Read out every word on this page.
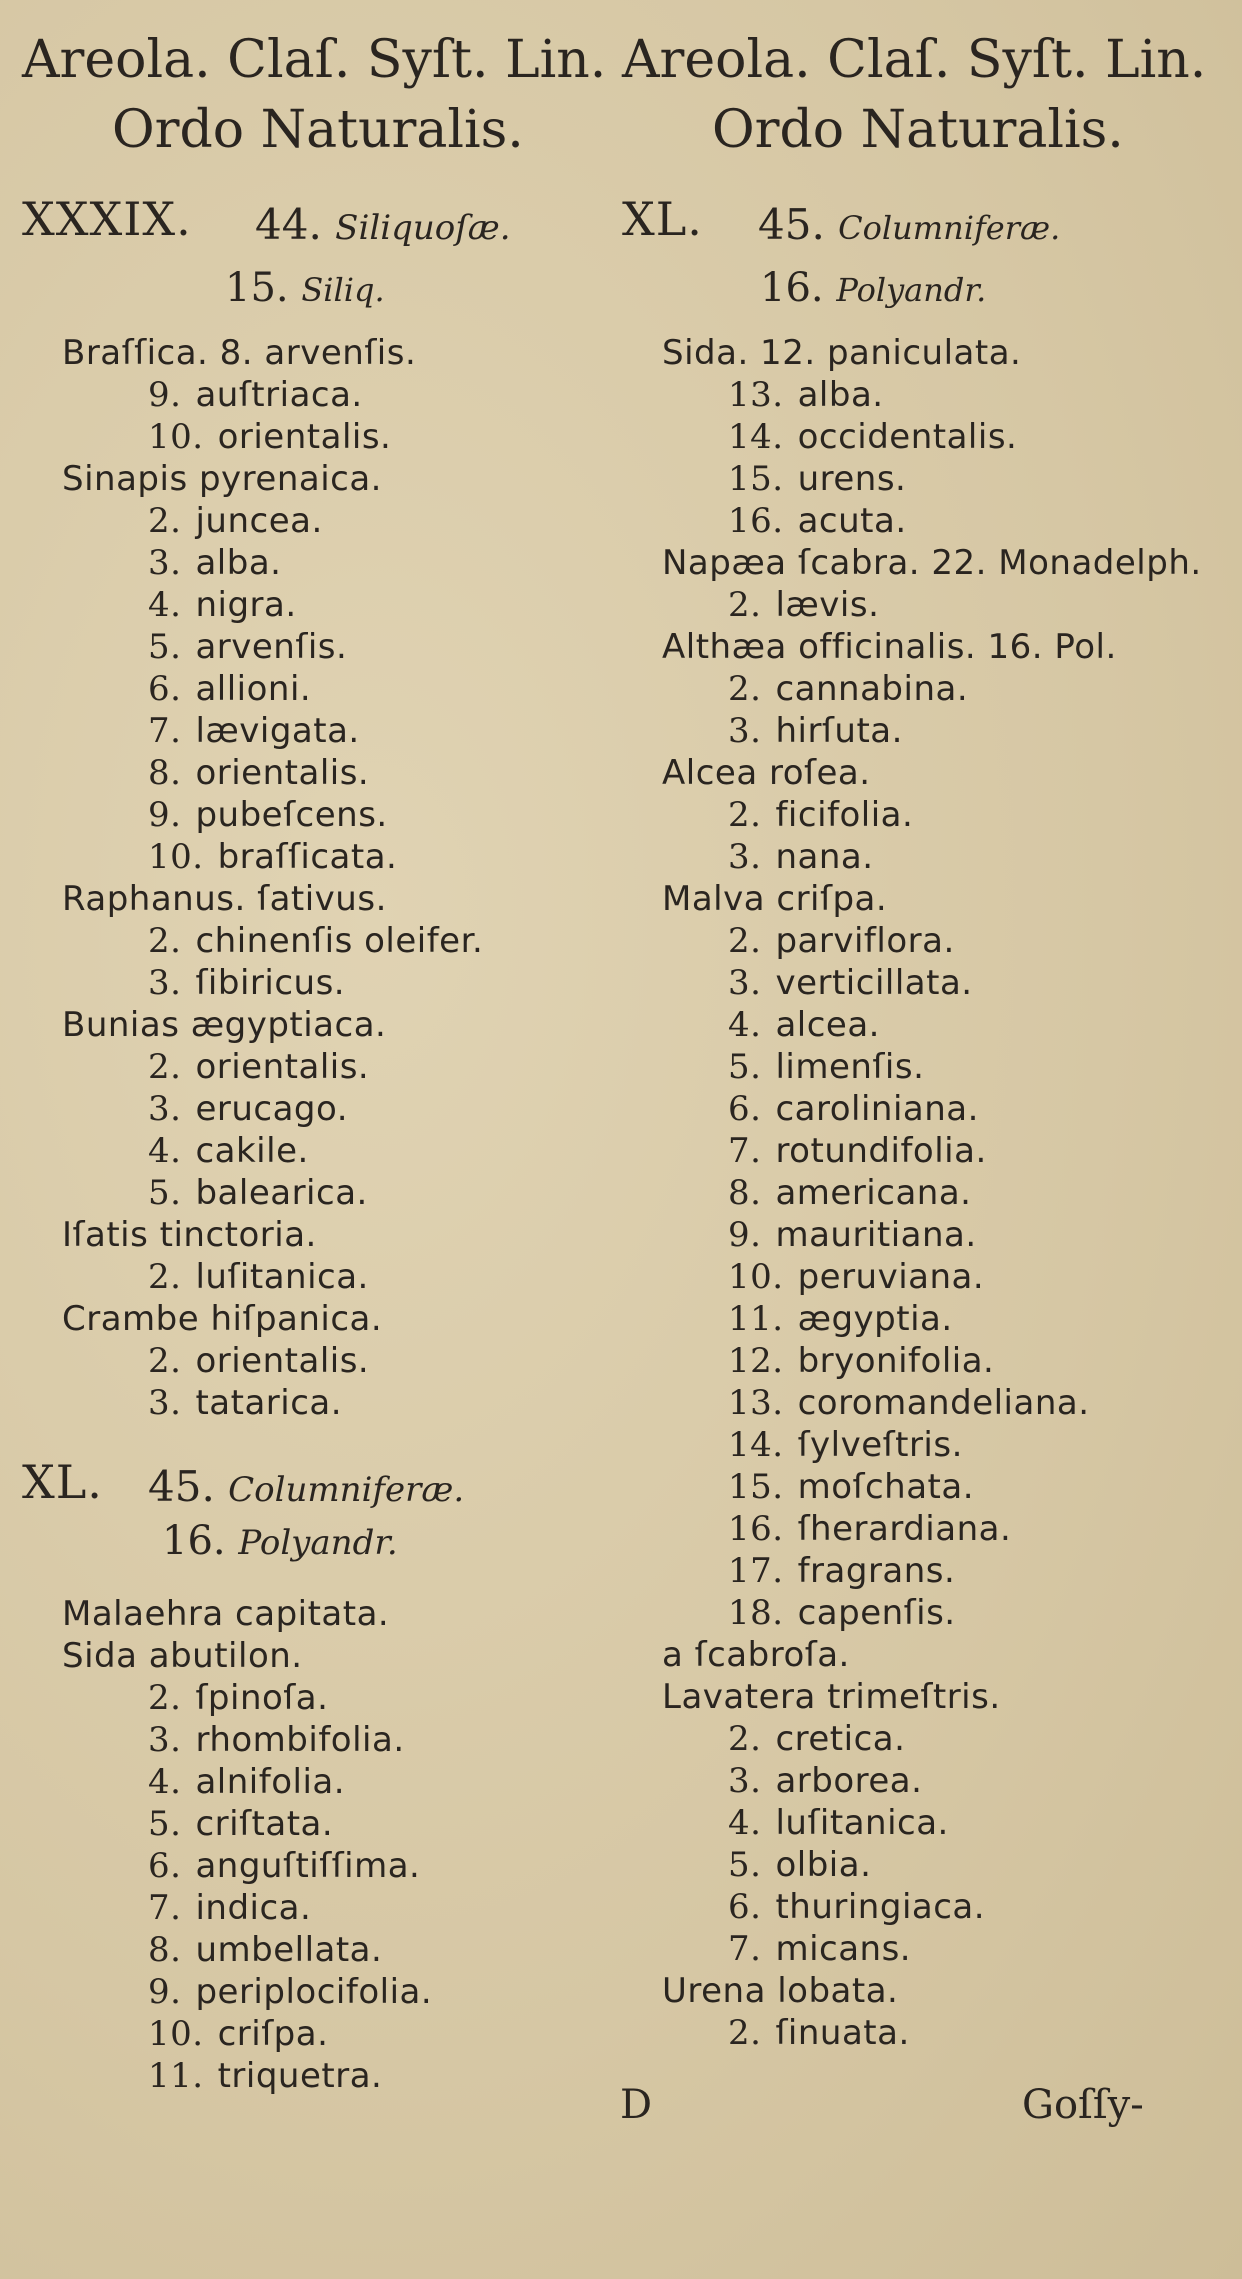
Areola. Claſ. Syſt. Lin.
Ordo Naturalis.
XXXIX. 44. Siliquoſæ.
15. Siliq.
Braſſica. 8. arvenſis.
9. auſtriaca.
10. orientalis.
Sinapis pyrenaica.
2. juncea.
3. alba.
4. nigra.
5. arvenſis.
6. allioni.
7. lævigata.
8. orientalis.
9. pubeſcens.
10. braſſicata.
Raphanus. ſativus.
2. chinenſis oleifer.
3. ſibiricus.
Bunias ægyptiaca.
2. orientalis.
3. erucago.
4. cakile.
5. balearica.
Iſatis tinctoria.
2. luſitanica.
Crambe hiſpanica.
2. orientalis.
3. tatarica.
XL. 45. Columniferæ.
16. Polyandr.
Malaehra capitata.
Sida abutilon.
2. ſpinoſa.
3. rhombifolia.
4. alnifolia.
5. criſtata.
6. anguſtiſſima.
7. indica.
8. umbellata.
9. periplocifolia.
10. criſpa.
11. triquetra.
Areola. Claſ. Syſt. Lin.
Ordo Naturalis.
XL. 45. Columniferæ.
16. Polyandr.
Sida. 12. paniculata.
13. alba.
14. occidentalis.
15. urens.
16. acuta.
Napæa ſcabra. 22. Monadelph.
2. lævis.
Althæa officinalis. 16. Pol.
2. cannabina.
3. hirſuta.
Alcea roſea.
2. ficifolia.
3. nana.
Malva criſpa.
2. parviflora.
3. verticillata.
4. alcea.
5. limenſis.
6. caroliniana.
7. rotundifolia.
8. americana.
9. mauritiana.
10. peruviana.
11. ægyptia.
12. bryonifolia.
13. coromandeliana.
14. ſylveſtris.
15. moſchata.
16. ſherardiana.
17. fragrans.
18. capenſis.
a ſcabroſa.
Lavatera trimeſtris.
2. cretica.
3. arborea.
4. luſitanica.
5. olbia.
6. thuringiaca.
7. micans.
Urena lobata.
2. ſinuata.
D	Goſſy-
